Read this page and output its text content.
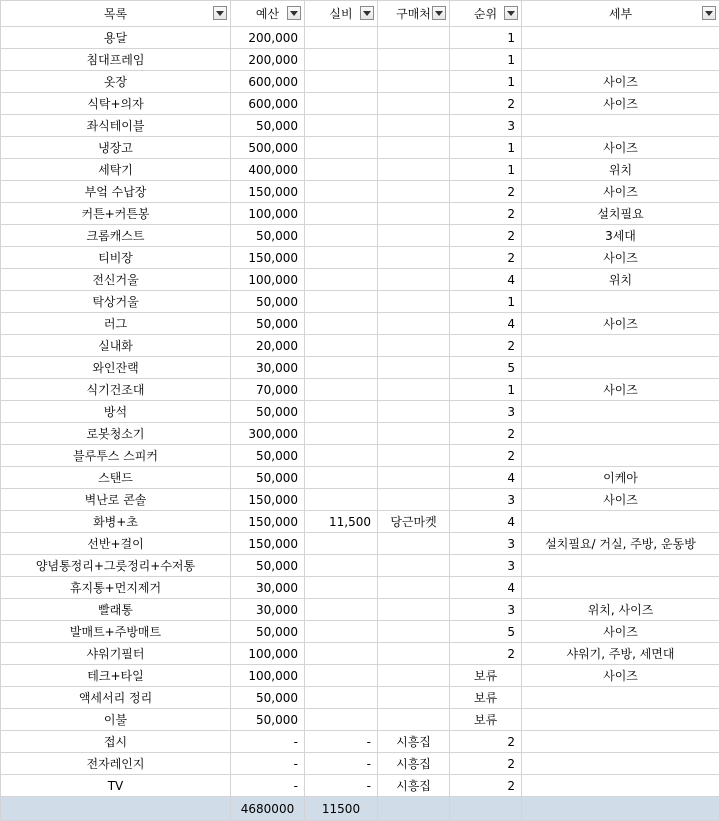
목록	예산	실비	구매처	순위	세부

용달	200,000			1	
침대프레임	200,000			1	
옷장	600,000			1	사이즈
식탁+의자	600,000			2	사이즈
좌식테이블	50,000			3	
냉장고	500,000			1	사이즈
세탁기	400,000			1	위치
부엌 수납장	150,000			2	사이즈
커튼+커튼봉	100,000			2	설치필요
크롬캐스트	50,000			2	3세대
티비장	150,000			2	사이즈
전신거울	100,000			4	위치
탁상거울	50,000			1	
러그	50,000			4	사이즈
실내화	20,000			2	
와인잔랙	30,000			5	
식기건조대	70,000			1	사이즈
방석	50,000			3	
로봇청소기	300,000			2	
블루투스 스피커	50,000			2	
스탠드	50,000			4	이케아
벽난로 콘솔	150,000			3	사이즈
화병+초	150,000	11,500	당근마켓	4	
선반+걸이	150,000			3	설치필요/ 거실, 주방, 운동방
양념통정리+그릇정리+수저통	50,000			3	
휴지통+먼지제거	30,000			4	
빨래통	30,000			3	위치, 사이즈
발매트+주방매트	50,000			5	사이즈
샤워기필터	100,000			2	샤워기, 주방, 세면대
테크+타일	100,000			보류	사이즈
액세서리 정리	50,000			보류	
이불	50,000			보류	
접시	-	-	시흥집	2	
전자레인지	-	-	시흥집	2	
TV	-	-	시흥집	2	
	4680000	11500			
